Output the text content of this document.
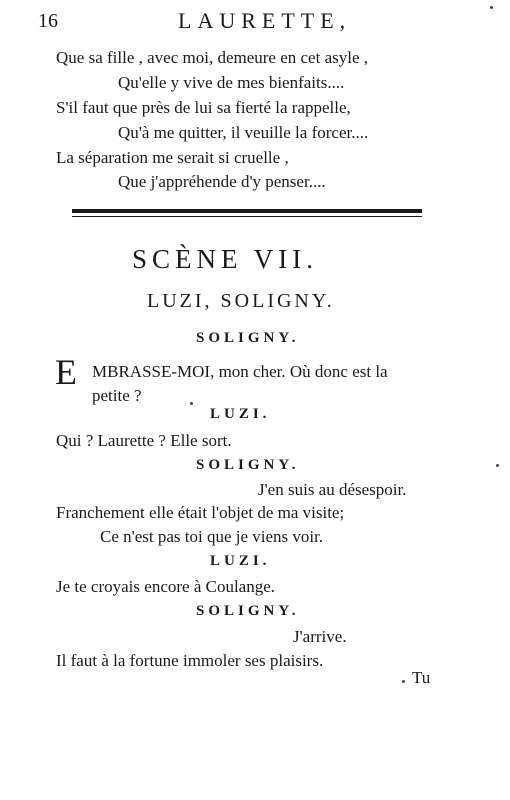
16	LAURETTE,
Que sa fille , avec moi, demeure en cet asyle ,
Qu'elle y vive de mes bienfaits....
S'il faut que près de lui sa fierté la rappelle,
Qu'à me quitter, il veuille la forcer....
La séparation me serait si cruelle ,
Que j'appréhende d'y penser....
SCÈNE VII.
LUZI, SOLIGNY.
SOLIGNY.
E MBRASSE-MOI, mon cher. Où donc est la
petite ?
LUZI.
Qui ? Laurette ? Elle sort.
SOLIGNY.
J'en suis au désespoir.
Franchement elle était l'objet de ma visite;
Ce n'est pas toi que je viens voir.
LUZI.
Je te croyais encore à Coulange.
SOLIGNY.
J'arrive.
Il faut à la fortune immoler ses plaisirs.
Tu
